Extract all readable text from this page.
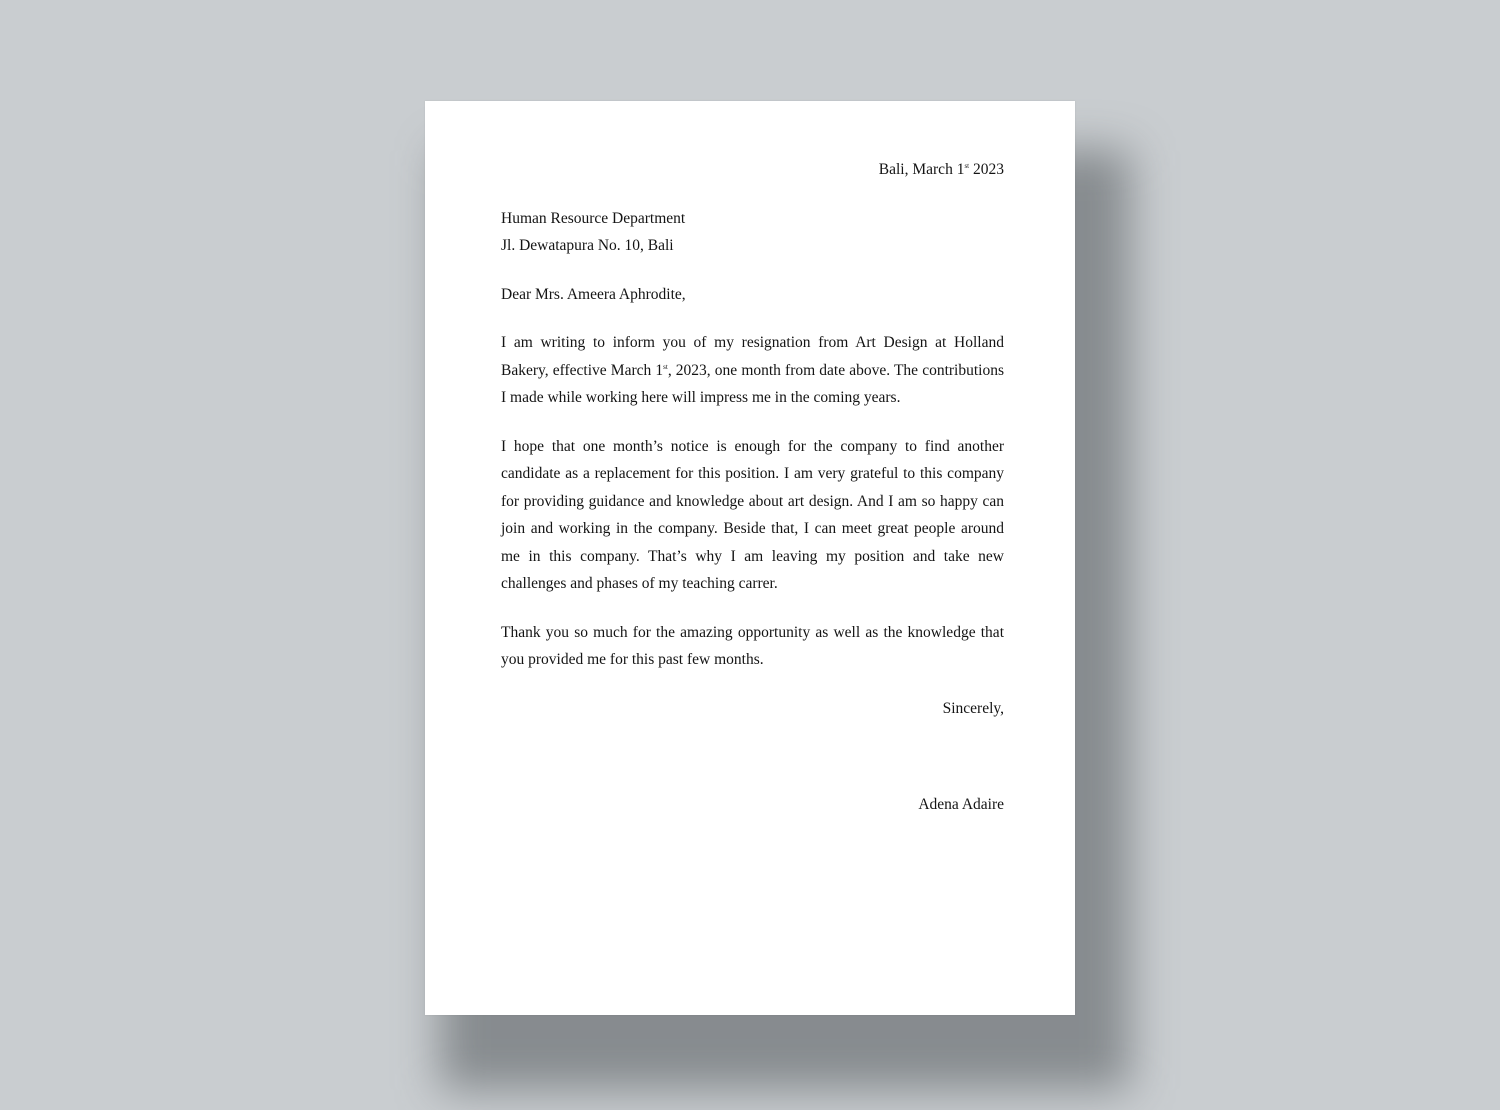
Bali, March 1st 2023

Human Resource Department

Jl. Dewatapura No. 10, Bali

Dear Mrs. Ameera Aphrodite,

I am writing to inform you of my resignation from Art Design at Holland Bakery, effective March 1st, 2023, one month from date above. The contributions I made while working here will impress me in the coming years.

I hope that one month’s notice is enough for the company to find another candidate as a replacement for this position. I am very grateful to this company for providing guidance and knowledge about art design. And I am so happy can join and working in the company. Beside that, I can meet great people around me in this company. That’s why I am leaving my position and take new challenges and phases of my teaching carrer.

Thank you so much for the amazing opportunity as well as the knowledge that you provided me for this past few months.

Sincerely,

Adena Adaire
